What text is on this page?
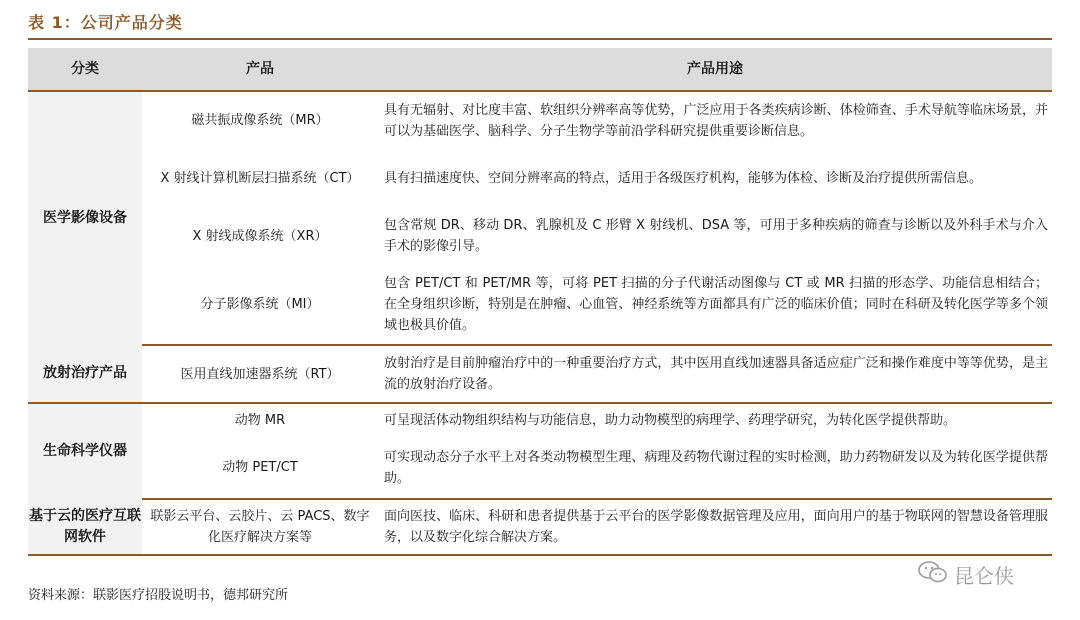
表 1：公司产品分类
分类	产品	产品用途
医学影像设备	磁共振成像系统（MR）	具有无辐射、对比度丰富、软组织分辨率高等优势，广泛应用于各类疾病诊断、体检筛查、手术导航等临床场景，并可以为基础医学、脑科学、分子生物学等前沿学科研究提供重要诊断信息。
	X 射线计算机断层扫描系统（CT）	具有扫描速度快、空间分辨率高的特点，适用于各级医疗机构，能够为体检、诊断及治疗提供所需信息。
	X 射线成像系统（XR）	包含常规 DR、移动 DR、乳腺机及 C 形臂 X 射线机、DSA 等，可用于多种疾病的筛查与诊断以及外科手术与介入手术的影像引导。
	分子影像系统（MI）	包含 PET/CT 和 PET/MR 等，可将 PET 扫描的分子代谢活动图像与 CT 或 MR 扫描的形态学、功能信息相结合；在全身组织诊断，特别是在肿瘤、心血管、神经系统等方面都具有广泛的临床价值；同时在科研及转化医学等多个领域也极具价值。
放射治疗产品	医用直线加速器系统（RT）	放射治疗是目前肿瘤治疗中的一种重要治疗方式，其中医用直线加速器具备适应症广泛和操作难度中等等优势，是主流的放射治疗设备。
生命科学仪器	动物 MR	可呈现活体动物组织结构与功能信息，助力动物模型的病理学、药理学研究，为转化医学提供帮助。
	动物 PET/CT	可实现动态分子水平上对各类动物模型生理、病理及药物代谢过程的实时检测，助力药物研发以及为转化医学提供帮助。
基于云的医疗互联网软件	联影云平台、云胶片、云 PACS、数字化医疗解决方案等	面向医技、临床、科研和患者提供基于云平台的医学影像数据管理及应用，面向用户的基于物联网的智慧设备管理服务，以及数字化综合解决方案。
资料来源：联影医疗招股说明书，德邦研究所
昆仑侠
